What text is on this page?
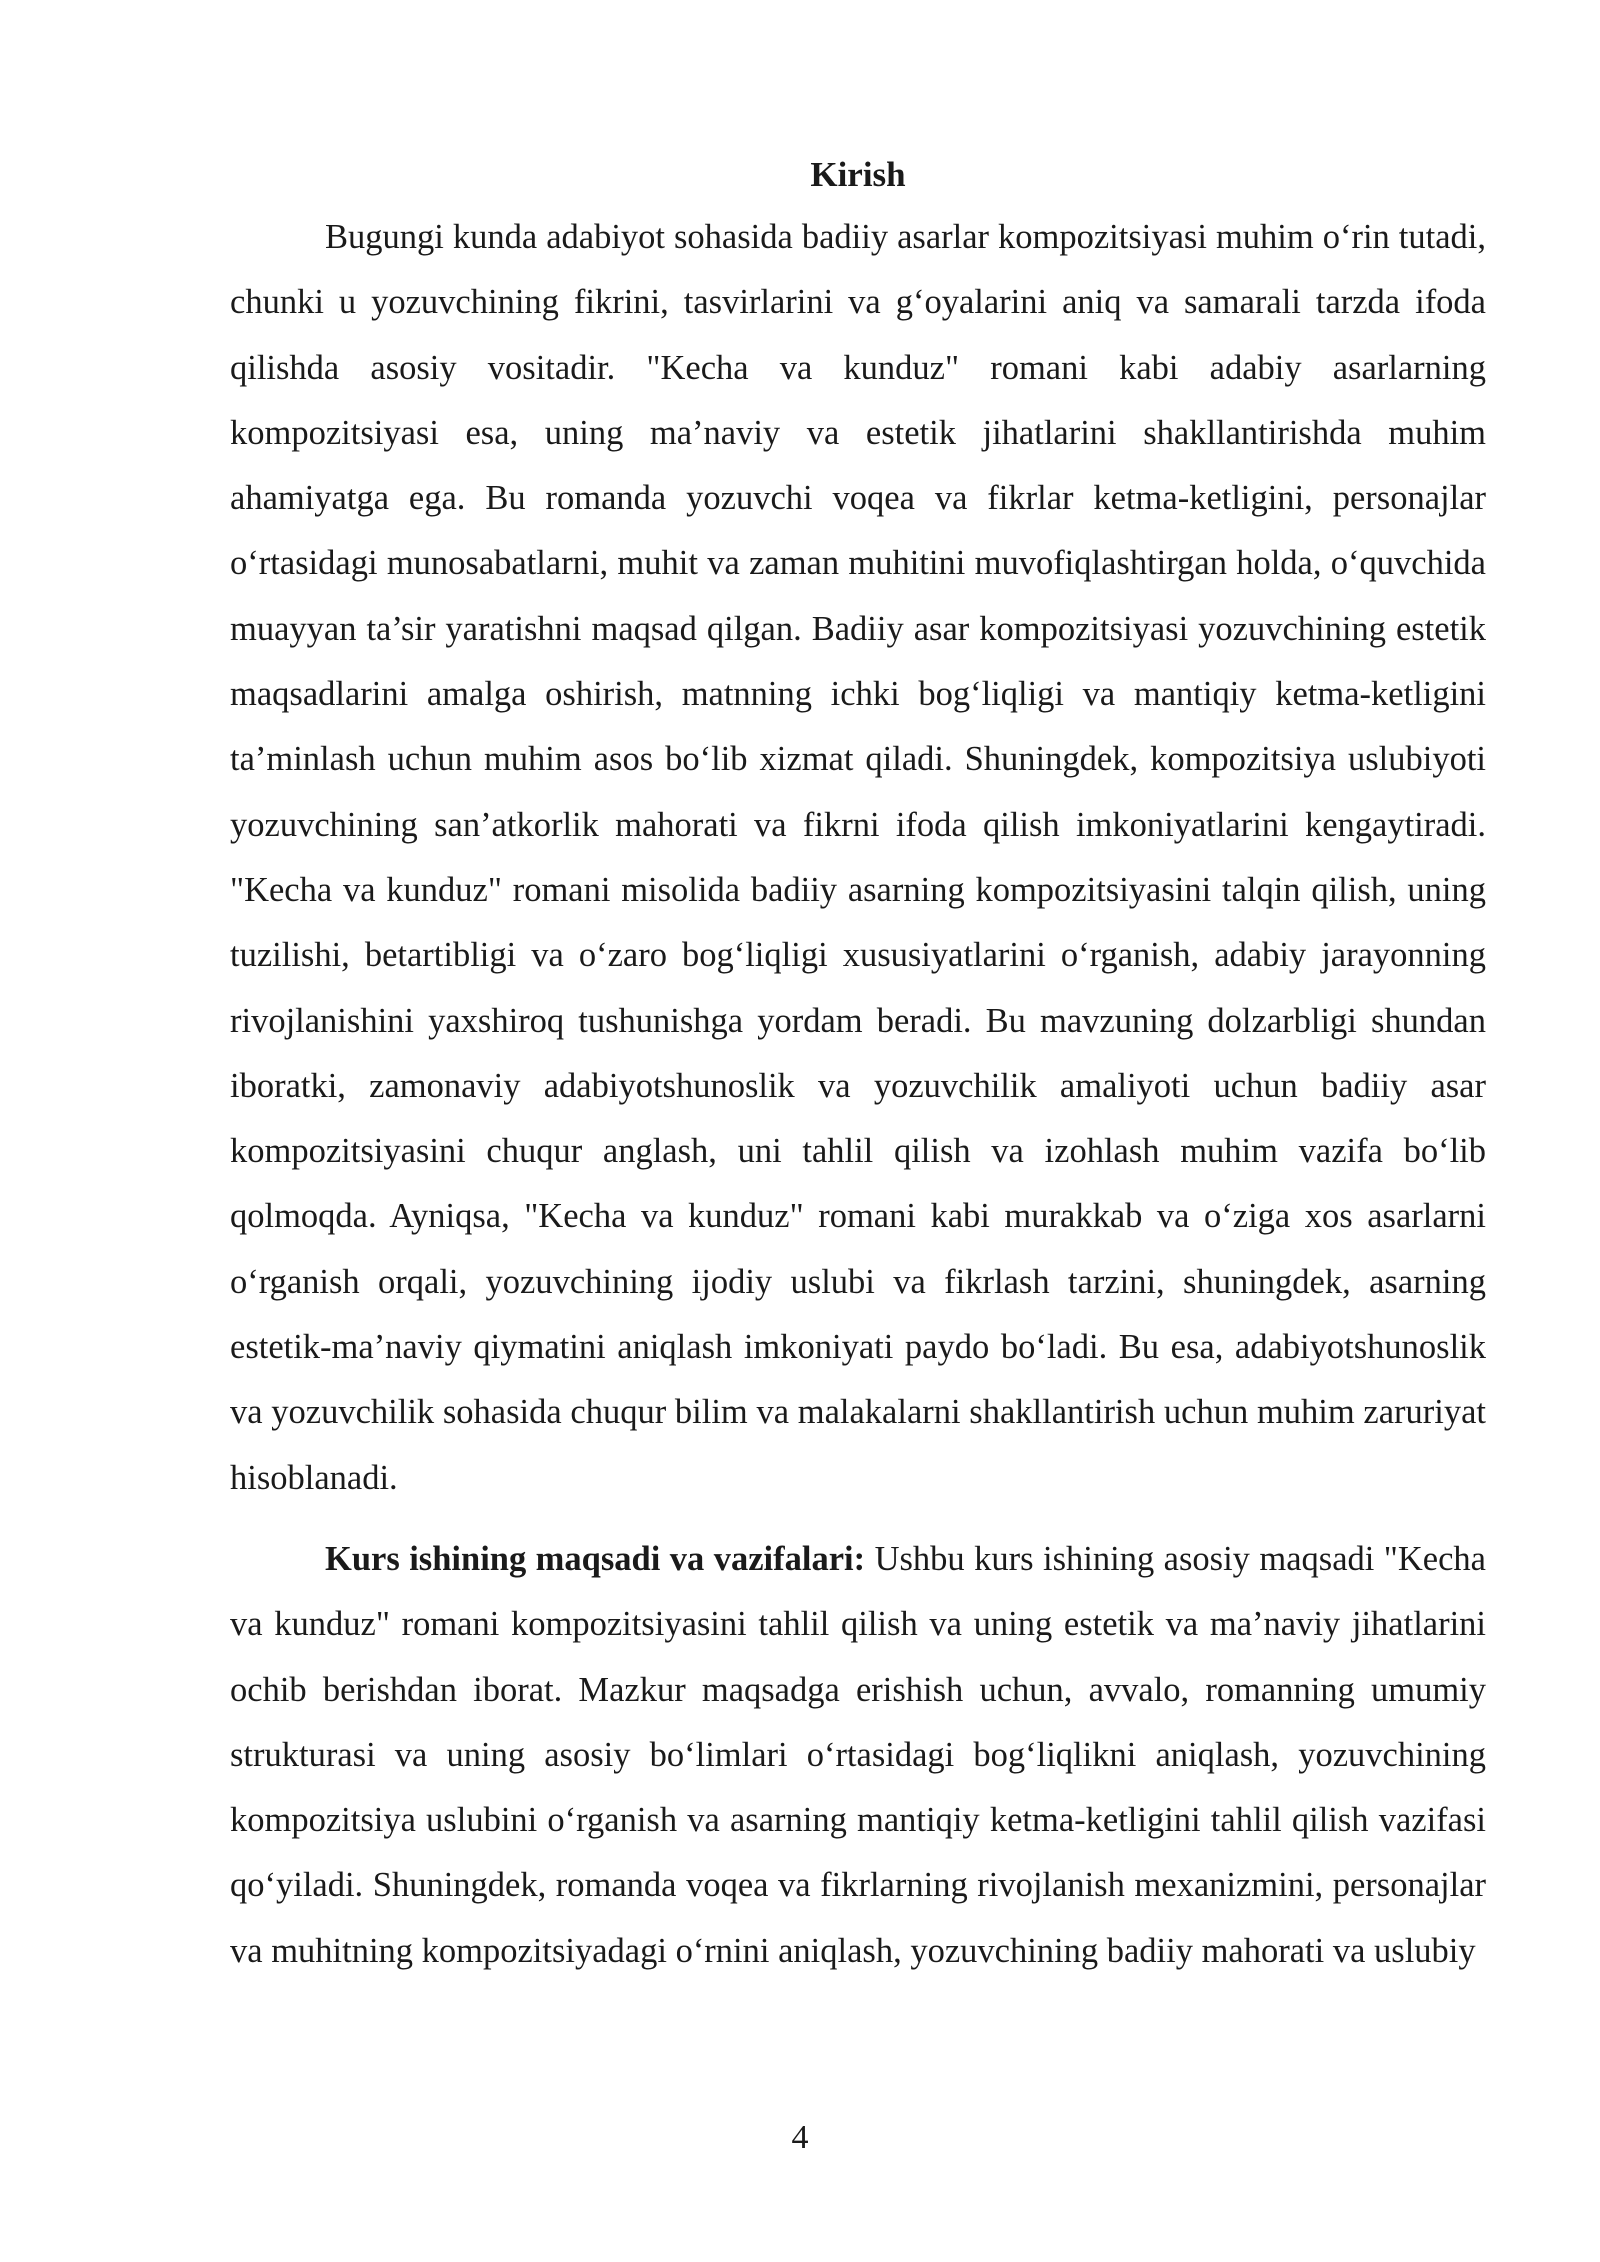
Kirish

Bugungi kunda adabiyot sohasida badiiy asarlar kompozitsiyasi muhim o‘rin tutadi, chunki u yozuvchining fikrini, tasvirlarini va g‘oyalarini aniq va samarali tarzda ifoda qilishda asosiy vositadir. "Kecha va kunduz" romani kabi adabiy asarlarning kompozitsiyasi esa, uning ma’naviy va estetik jihatlarini shakllantirishda muhim ahamiyatga ega. Bu romanda yozuvchi voqea va fikrlar ketma-ketligini, personajlar o‘rtasidagi munosabatlarni, muhit va zaman muhitini muvofiqlashtirgan holda, o‘quvchida muayyan ta’sir yaratishni maqsad qilgan. Badiiy asar kompozitsiyasi yozuvchining estetik maqsadlarini amalga oshirish, matnning ichki bog‘liqligi va mantiqiy ketma-ketligini ta’minlash uchun muhim asos bo‘lib xizmat qiladi. Shuningdek, kompozitsiya uslubiyoti yozuvchining san’atkorlik mahorati va fikrni ifoda qilish imkoniyatlarini kengaytiradi. "Kecha va kunduz" romani misolida badiiy asarning kompozitsiyasini talqin qilish, uning tuzilishi, betartibligi va o‘zaro bog‘liqligi xususiyatlarini o‘rganish, adabiy jarayonning rivojlanishini yaxshiroq tushunishga yordam beradi. Bu mavzuning dolzarbligi shundan iboratki, zamonaviy adabiyotshunoslik va yozuvchilik amaliyoti uchun badiiy asar kompozitsiyasini chuqur anglash, uni tahlil qilish va izohlash muhim vazifa bo‘lib qolmoqda. Ayniqsa, "Kecha va kunduz" romani kabi murakkab va o‘ziga xos asarlarni o‘rganish orqali, yozuvchining ijodiy uslubi va fikrlash tarzini, shuningdek, asarning estetik-ma’naviy qiymatini aniqlash imkoniyati paydo bo‘ladi. Bu esa, adabiyotshunoslik va yozuvchilik sohasida chuqur bilim va malakalarni shakllantirish uchun muhim zaruriyat hisoblanadi.

Kurs ishining maqsadi va vazifalari: Ushbu kurs ishining asosiy maqsadi "Kecha va kunduz" romani kompozitsiyasini tahlil qilish va uning estetik va ma’naviy jihatlarini ochib berishdan iborat. Mazkur maqsadga erishish uchun, avvalo, romanning umumiy strukturasi va uning asosiy bo‘limlari o‘rtasidagi bog‘liqlikni aniqlash, yozuvchining kompozitsiya uslubini o‘rganish va asarning mantiqiy ketma-ketligini tahlil qilish vazifasi qo‘yiladi. Shuningdek, romanda voqea va fikrlarning rivojlanish mexanizmini, personajlar va muhitning kompozitsiyadagi o‘rnini aniqlash, yozuvchining badiiy mahorati va uslubiy

4
